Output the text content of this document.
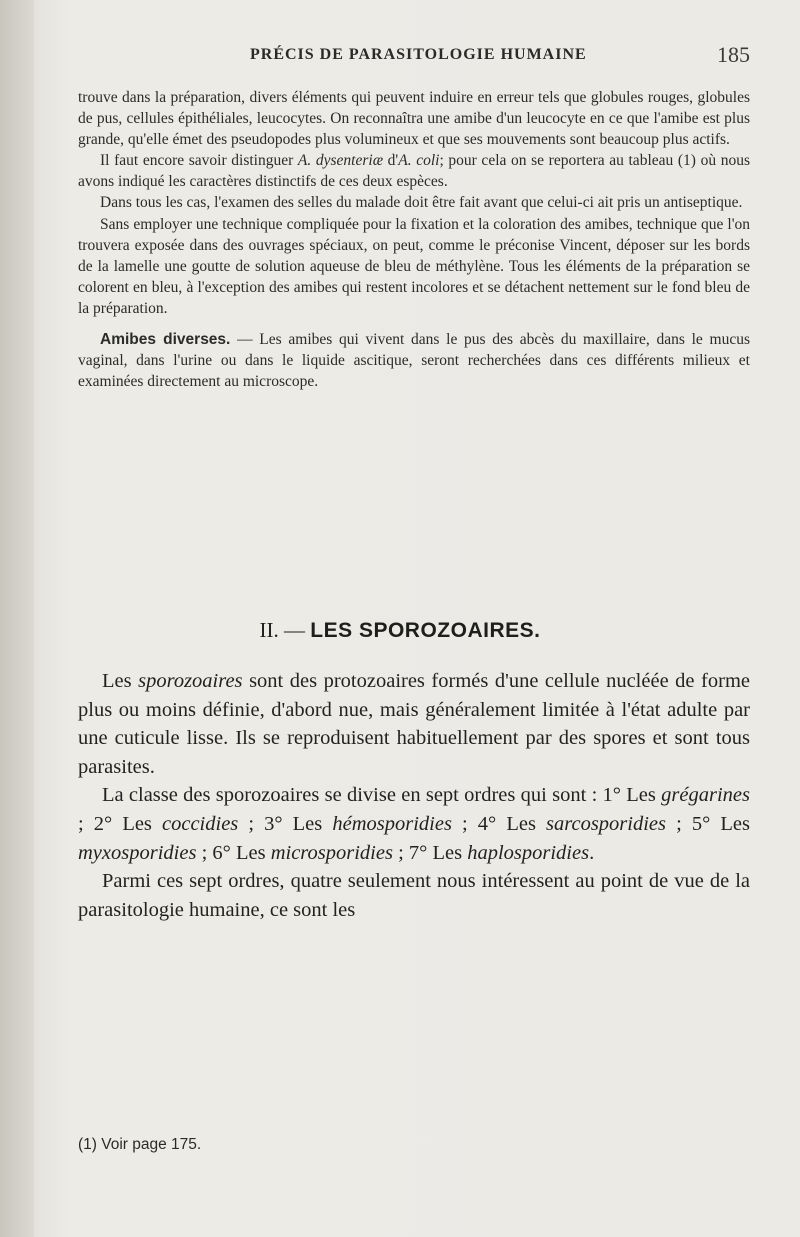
PRÉCIS DE PARASITOLOGIE HUMAINE	185

trouve dans la préparation, divers éléments qui peuvent induire en erreur tels que globules rouges, globules de pus, cellules épithéliales, leucocytes. On reconnaîtra une amibe d'un leucocyte en ce que l'amibe est plus grande, qu'elle émet des pseudopodes plus volumineux et que ses mouvements sont beaucoup plus actifs.

Il faut encore savoir distinguer A. dysenteriæ d'A. coli; pour cela on se reportera au tableau (1) où nous avons indiqué les caractères distinctifs de ces deux espèces.

Dans tous les cas, l'examen des selles du malade doit être fait avant que celui-ci ait pris un antiseptique.

Sans employer une technique compliquée pour la fixation et la coloration des amibes, technique que l'on trouvera exposée dans des ouvrages spéciaux, on peut, comme le préconise Vincent, déposer sur les bords de la lamelle une goutte de solution aqueuse de bleu de méthylène. Tous les éléments de la préparation se colorent en bleu, à l'exception des amibes qui restent incolores et se détachent nettement sur le fond bleu de la préparation.

Amibes diverses. — Les amibes qui vivent dans le pus des abcès du maxillaire, dans le mucus vaginal, dans l'urine ou dans le liquide ascitique, seront recherchées dans ces différents milieux et examinées directement au microscope.

II. — LES SPOROZOAIRES.

Les sporozoaires sont des protozoaires formés d'une cellule nucléée de forme plus ou moins définie, d'abord nue, mais généralement limitée à l'état adulte par une cuticule lisse. Ils se reproduisent habituellement par des spores et sont tous parasites.

La classe des sporozoaires se divise en sept ordres qui sont : 1° Les grégarines ; 2° Les coccidies ; 3° Les hémosporidies ; 4° Les sarcosporidies ; 5° Les myxosporidies ; 6° Les microsporidies ; 7° Les haplosporidies.

Parmi ces sept ordres, quatre seulement nous intéressent au point de vue de la parasitologie humaine, ce sont les

(1) Voir page 175.
